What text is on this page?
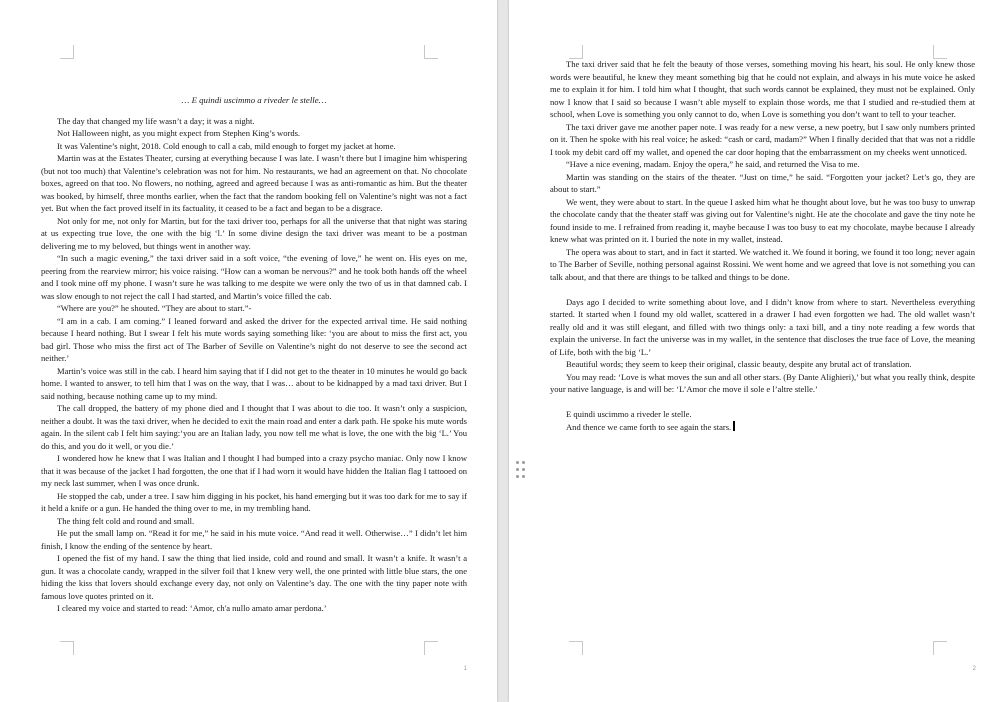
… E quindi uscimmo a riveder le stelle…

The day that changed my life wasn’t a day; it was a night.

Not Halloween night, as you might expect from Stephen King’s words.

It was Valentine’s night, 2018. Cold enough to call a cab, mild enough to forget my jacket at home.

Martin was at the Estates Theater, cursing at everything because I was late. I wasn’t there but I imagine him whispering (but not too much) that Valentine’s celebration was not for him. No restaurants, we had an agreement on that. No chocolate boxes, agreed on that too. No flowers, no nothing, agreed and agreed because I was as anti-romantic as him. But the theater was booked, by himself, three months earlier, when the fact that the random booking fell on Valentine’s night was not a fact yet. But when the fact proved itself in its factuality, it ceased to be a fact and began to be a disgrace.

Not only for me, not only for Martin, but for the taxi driver too, perhaps for all the universe that that night was staring at us expecting true love, the one with the big ‘l.’ In some divine design the taxi driver was meant to be a postman delivering me to my beloved, but things went in another way.

“In such a magic evening,” the taxi driver said in a soft voice, “the evening of love,” he went on. His eyes on me, peering from the rearview mirror; his voice raising. “How can a woman be nervous?” and he took both hands off the wheel and I took mine off my phone. I wasn’t sure he was talking to me despite we were only the two of us in that damned cab. I was slow enough to not reject the call I had started, and Martin’s voice filled the cab.

“Where are you?” he shouted. “They are about to start.”-

“I am in a cab. I am coming.” I leaned forward and asked the driver for the expected arrival time. He said nothing because I heard nothing. But I swear I felt his mute words saying something like: ‘you are about to miss the first act, you bad girl. Those who miss the first act of The Barber of Seville on Valentine’s night do not deserve to see the second act neither.’

Martin’s voice was still in the cab. I heard him saying that if I did not get to the theater in 10 minutes he would go back home. I wanted to answer, to tell him that I was on the way, that I was… about to be kidnapped by a mad taxi driver. But I said nothing, because nothing came up to my mind.

The call dropped, the battery of my phone died and I thought that I was about to die too. It wasn’t only a suspicion, neither a doubt. It was the taxi driver, when he decided to exit the main road and enter a dark path. He spoke his mute words again. In the silent cab I felt him saying:‘you are an Italian lady, you now tell me what is love, the one with the big ‘L.’ You do this, and you do it well, or you die.’

I wondered how he knew that I was Italian and I thought I had bumped into a crazy psycho maniac. Only now I know that it was because of the jacket I had forgotten, the one that if I had worn it would have hidden the Italian flag I tattooed on my neck last summer, when I was once drunk.

He stopped the cab, under a tree. I saw him digging in his pocket, his hand emerging but it was too dark for me to say if it held a knife or a gun. He handed the thing over to me, in my trembling hand.

The thing felt cold and round and small.

He put the small lamp on. “Read it for me,” he said in his mute voice. “And read it well. Otherwise…” I didn’t let him finish, I know the ending of the sentence by heart.

I opened the fist of my hand. I saw the thing that lied inside, cold and round and small. It wasn’t a knife. It wasn’t a gun. It was a chocolate candy, wrapped in the silver foil that I knew very well, the one printed with little blue stars, the one hiding the kiss that lovers should exchange every day, not only on Valentine’s day. The one with the tiny paper note with famous love quotes printed on it.

I cleared my voice and started to read: ‘Amor, ch'a nullo amato amar perdona.’

1

The taxi driver said that he felt the beauty of those verses, something moving his heart, his soul. He only knew those words were beautiful, he knew they meant something big that he could not explain, and always in his mute voice he asked me to explain it for him. I told him what I thought, that such words cannot be explained, they must not be explained. Only now I know that I said so because I wasn’t able myself to explain those words, me that I studied and re-studied them at school, when Love is something you only cannot to do, when Love is something you don’t want to tell to your teacher.

The taxi driver gave me another paper note. I was ready for a new verse, a new poetry, but I saw only numbers printed on it. Then he spoke with his real voice; he asked: “cash or card, madam?” When I finally decided that that was not a riddle I took my debit card off my wallet, and opened the car door hoping that the embarrassment on my cheeks went unnoticed.

“Have a nice evening, madam. Enjoy the opera,” he said, and returned the Visa to me.

Martin was standing on the stairs of the theater. “Just on time,” he said. “Forgotten your jacket? Let’s go, they are about to start.”

We went, they were about to start. In the queue I asked him what he thought about love, but he was too busy to unwrap the chocolate candy that the theater staff was giving out for Valentine’s night. He ate the chocolate and gave the tiny note he found inside to me. I refrained from reading it, maybe because I was too busy to eat my chocolate, maybe because I already knew what was printed on it. I buried the note in my wallet, instead.

The opera was about to start, and in fact it started. We watched it. We found it boring, we found it too long; never again to The Barber of Seville, nothing personal against Rossini. We went home and we agreed that love is not something you can talk about, and that there are things to be talked and things to be done.

Days ago I decided to write something about love, and I didn’t know from where to start. Nevertheless everything started. It started when I found my old wallet, scattered in a drawer I had even forgotten we had. The old wallet wasn’t really old and it was still elegant, and filled with two things only: a taxi bill, and a tiny note reading a few words that explain the universe. In fact the universe was in my wallet, in the sentence that discloses the true face of Love, the meaning of Life, both with the big ‘L.’

Beautiful words; they seem to keep their original, classic beauty, despite any brutal act of translation.

You may read: ‘Love is what moves the sun and all other stars. (By Dante Alighieri),’ but what you really think, despite your native language, is and will be: ‘L’Amor che move il sole e l’altre stelle.’

E quindi uscimmo a riveder le stelle.

And thence we came forth to see again the stars.

2
